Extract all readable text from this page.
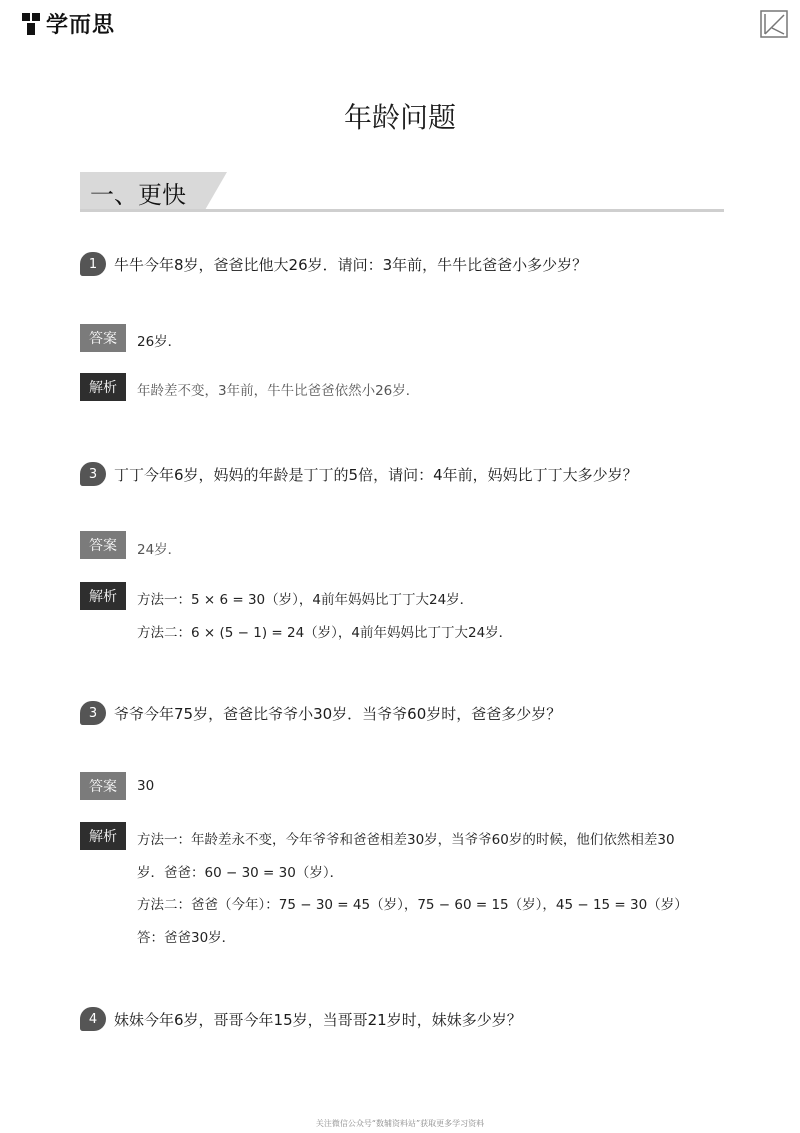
学而思
年龄问题
一、更快
1	牛牛今年8岁，爸爸比他大26岁．请问：3年前，牛牛比爸爸小多少岁？
答案	26岁．
解析	年龄差不变，3年前，牛牛比爸爸依然小26岁．
3	丁丁今年6岁，妈妈的年龄是丁丁的5倍，请问：4年前，妈妈比丁丁大多少岁？
答案	24岁．
解析	方法一：5 × 6 = 30（岁），4前年妈妈比丁丁大24岁．
方法二：6 × (5 − 1) = 24（岁），4前年妈妈比丁丁大24岁．
3	爷爷今年75岁，爸爸比爷爷小30岁．当爷爷60岁时，爸爸多少岁？
答案	30
解析	方法一：年龄差永不变，今年爷爷和爸爸相差30岁，当爷爷60岁的时候，他们依然相差30
岁．爸爸：60 − 30 = 30（岁）．
方法二：爸爸（今年）：75 − 30 = 45（岁），75 − 60 = 15（岁），45 − 15 = 30（岁）
答：爸爸30岁．
4	妹妹今年6岁，哥哥今年15岁，当哥哥21岁时，妹妹多少岁？
关注微信公众号“数辅资料站”获取更多学习资料
